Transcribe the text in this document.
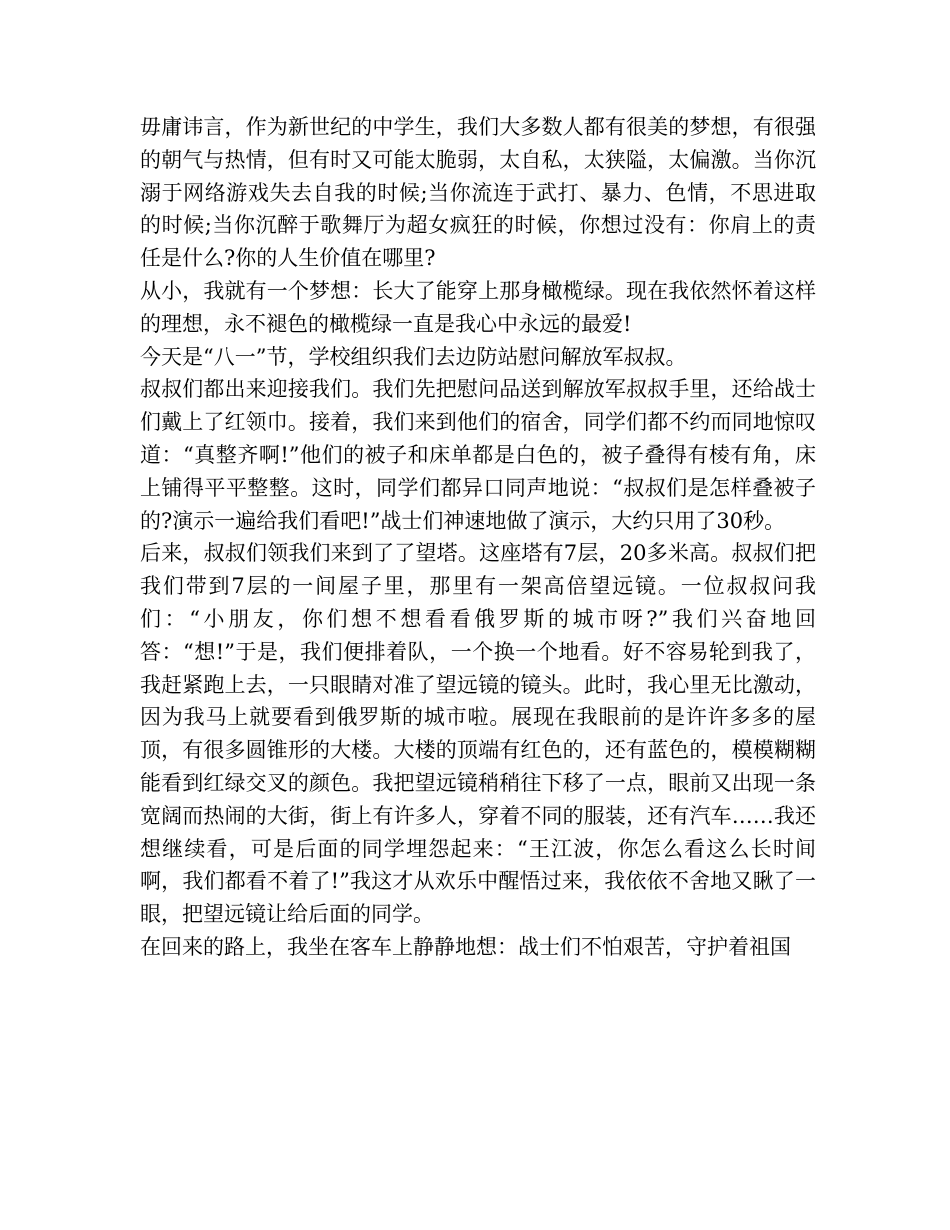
毋庸讳言，作为新世纪的中学生，我们大多数人都有很美的梦想，有很强的朝气与热情，但有时又可能太脆弱，太自私，太狭隘，太偏激。当你沉溺于网络游戏失去自我的时候;当你流连于武打、暴力、色情，不思进取的时候;当你沉醉于歌舞厅为超女疯狂的时候，你想过没有：你肩上的责任是什么?你的人生价值在哪里?

从小，我就有一个梦想：长大了能穿上那身橄榄绿。现在我依然怀着这样的理想，永不褪色的橄榄绿一直是我心中永远的最爱!

今天是“八一”节，学校组织我们去边防站慰问解放军叔叔。

叔叔们都出来迎接我们。我们先把慰问品送到解放军叔叔手里，还给战士们戴上了红领巾。接着，我们来到他们的宿舍，同学们都不约而同地惊叹道：“真整齐啊!”他们的被子和床单都是白色的，被子叠得有棱有角，床上铺得平平整整。这时，同学们都异口同声地说：“叔叔们是怎样叠被子的?演示一遍给我们看吧!”战士们神速地做了演示，大约只用了30秒。

后来，叔叔们领我们来到了了望塔。这座塔有7层，20多米高。叔叔们把我们带到7层的一间屋子里，那里有一架高倍望远镜。一位叔叔问我们：“小朋友，你们想不想看看俄罗斯的城市呀?”我们兴奋地回答：“想!”于是，我们便排着队，一个换一个地看。好不容易轮到我了，我赶紧跑上去，一只眼睛对准了望远镜的镜头。此时，我心里无比激动，因为我马上就要看到俄罗斯的城市啦。展现在我眼前的是许许多多的屋顶，有很多圆锥形的大楼。大楼的顶端有红色的，还有蓝色的，模模糊糊能看到红绿交叉的颜色。我把望远镜稍稍往下移了一点，眼前又出现一条宽阔而热闹的大街，街上有许多人，穿着不同的服装，还有汽车……我还想继续看，可是后面的同学埋怨起来：“王江波，你怎么看这么长时间啊，我们都看不着了!”我这才从欢乐中醒悟过来，我依依不舍地又瞅了一眼，把望远镜让给后面的同学。

在回来的路上，我坐在客车上静静地想：战士们不怕艰苦，守护着祖国
